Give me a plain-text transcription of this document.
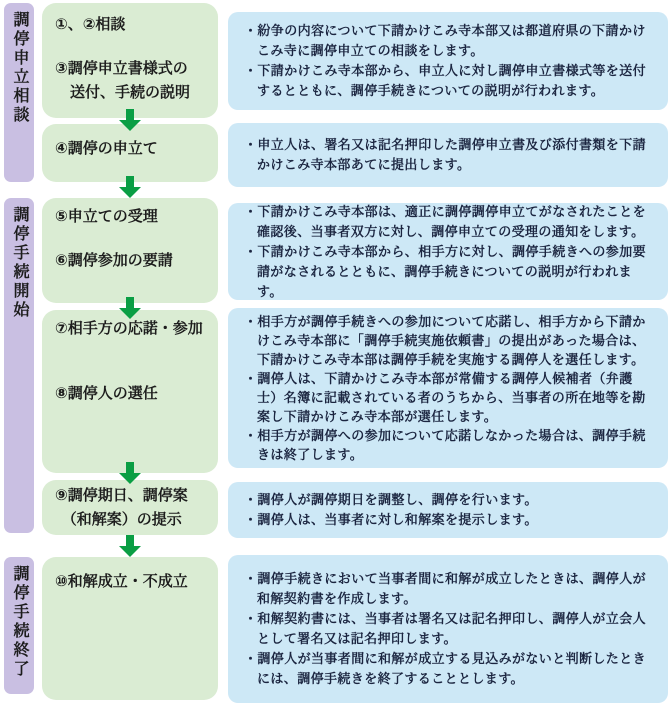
調停申立相談
調停手続開始
調停手続終了
①、②相談
③調停申立書様式の
送付、手続の説明
④調停の申立て
⑤申立ての受理
⑥調停参加の要請
⑦相手方の応諾・参加
⑧調停人の選任
⑨調停期日、調停案
（和解案）の提示
⑩和解成立・不成立
・ 紛争の内容について下請かけこみ寺本部又は都道府県の下請かけこみ寺に調停申立ての相談をします。
・ 下請かけこみ寺本部から、申立人に対し調停申立書様式等を送付するとともに、調停手続きについての説明が行われます。
・ 申立人は、署名又は記名押印した調停申立書及び添付書類を下請かけこみ寺本部あてに提出します。
・ 下請かけこみ寺本部は、適正に調停調停申立てがなされたことを確認後、当事者双方に対し、調停申立ての受理の通知をします。
・ 下請かけこみ寺本部から、相手方に対し、調停手続きへの参加要請がなされるとともに、調停手続きについての説明が行われます。
・ 相手方が調停手続きへの参加について応諾し、相手方から下請かけこみ寺本部に「調停手続実施依頼書」の提出があった場合は、下請かけこみ寺本部は調停手続を実施する調停人を選任します。
・ 調停人は、下請かけこみ寺本部が常備する調停人候補者（弁護士）名簿に記載されている者のうちから、当事者の所在地等を勘案し下請かけこみ寺本部が選任します。
・ 相手方が調停への参加について応諾しなかった場合は、調停手続きは終了します。
・ 調停人が調停期日を調整し、調停を行います。
・ 調停人は、当事者に対し和解案を提示します。
・ 調停手続きにおいて当事者間に和解が成立したときは、調停人が和解契約書を作成します。
・ 和解契約書には、当事者は署名又は記名押印し、調停人が立会人として署名又は記名押印します。
・ 調停人が当事者間に和解が成立する見込みがないと判断したときには、調停手続きを終了することとします。
